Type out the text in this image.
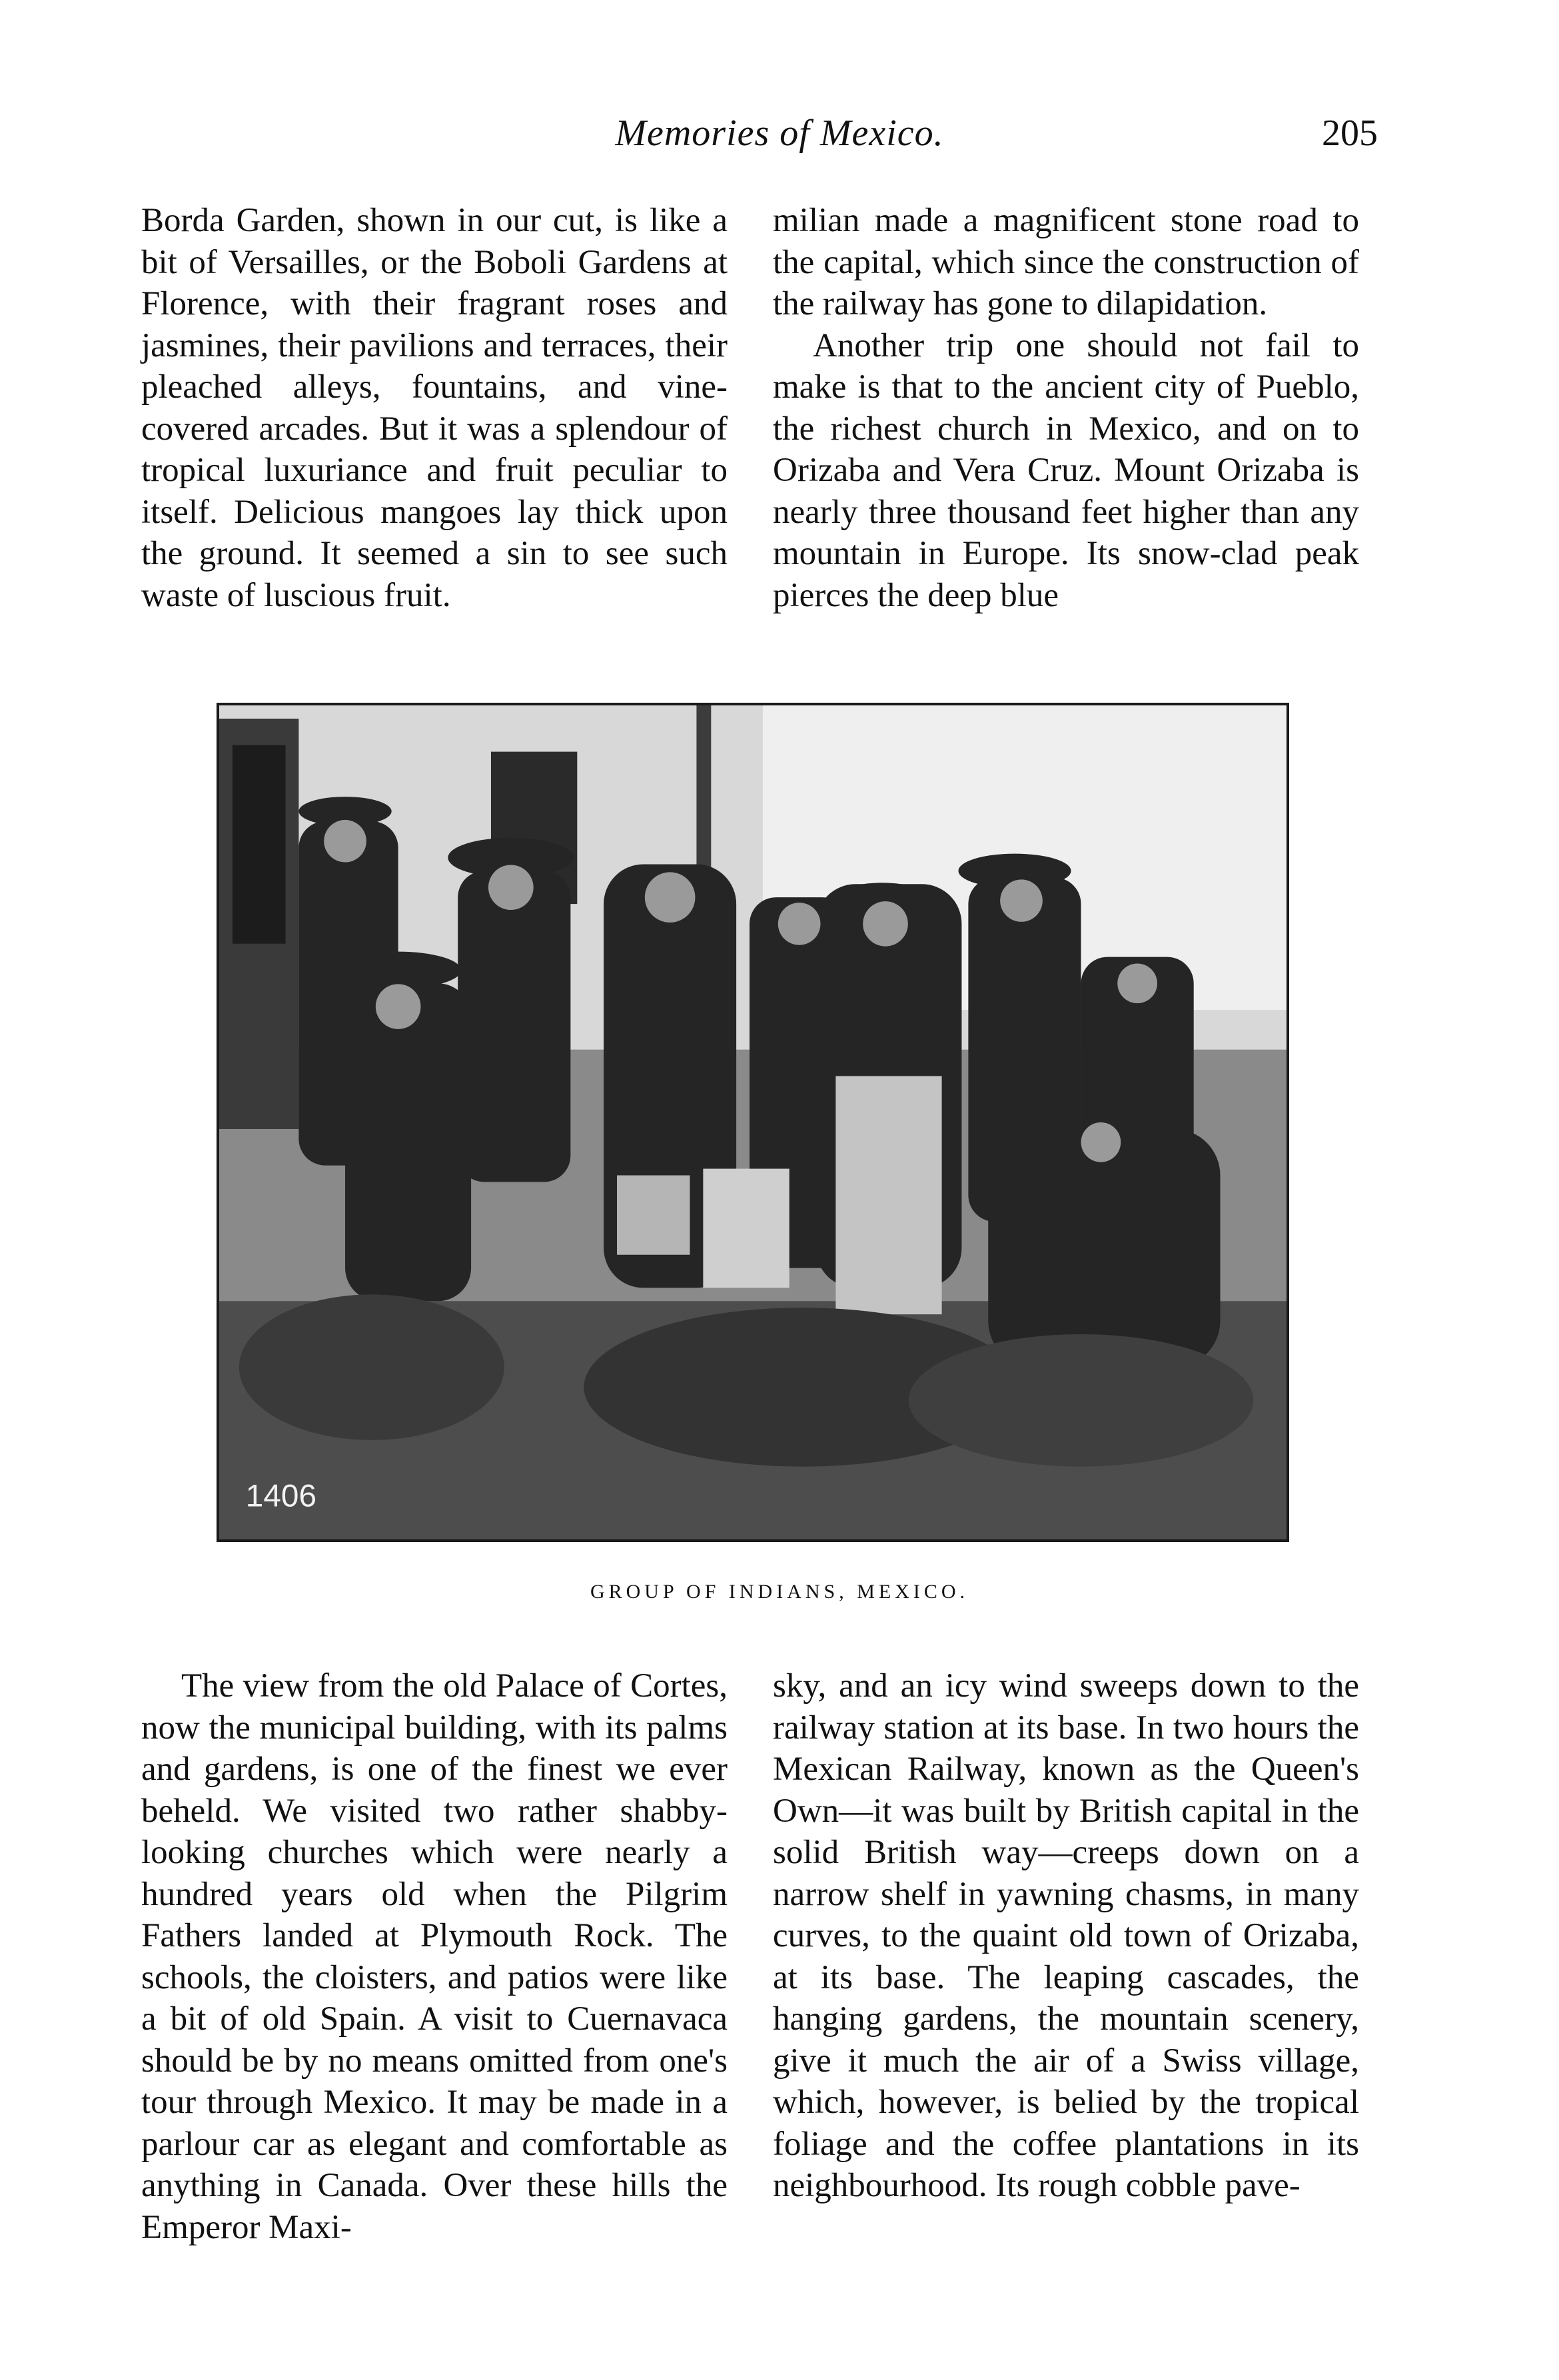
Memories of Mexico.	205

Borda Garden, shown in our cut, is like a bit of Versailles, or the Boboli Gardens at Florence, with their fragrant roses and jasmines, their pavilions and terraces, their pleached alleys, fountains, and vine-covered arcades. But it was a splendour of tropical luxuriance and fruit peculiar to itself. Delicious mangoes lay thick upon the ground. It seemed a sin to see such waste of luscious fruit.

milian made a magnificent stone road to the capital, which since the construction of the railway has gone to dilapidation.

Another trip one should not fail to make is that to the ancient city of Pueblo, the richest church in Mexico, and on to Orizaba and Vera Cruz. Mount Orizaba is nearly three thousand feet higher than any mountain in Europe. Its snow-clad peak pierces the deep blue

1406
GROUP OF INDIANS, MEXICO.

The view from the old Palace of Cortes, now the municipal building, with its palms and gardens, is one of the finest we ever beheld. We visited two rather shabby-looking churches which were nearly a hundred years old when the Pilgrim Fathers landed at Plymouth Rock. The schools, the cloisters, and patios were like a bit of old Spain. A visit to Cuernavaca should be by no means omitted from one's tour through Mexico. It may be made in a parlour car as elegant and comfortable as anything in Canada. Over these hills the Emperor Maxi-

sky, and an icy wind sweeps down to the railway station at its base. In two hours the Mexican Railway, known as the Queen's Own—it was built by British capital in the solid British way—creeps down on a narrow shelf in yawning chasms, in many curves, to the quaint old town of Orizaba, at its base. The leaping cascades, the hanging gardens, the mountain scenery, give it much the air of a Swiss village, which, however, is belied by the tropical foliage and the coffee plantations in its neighbourhood. Its rough cobble pave-
